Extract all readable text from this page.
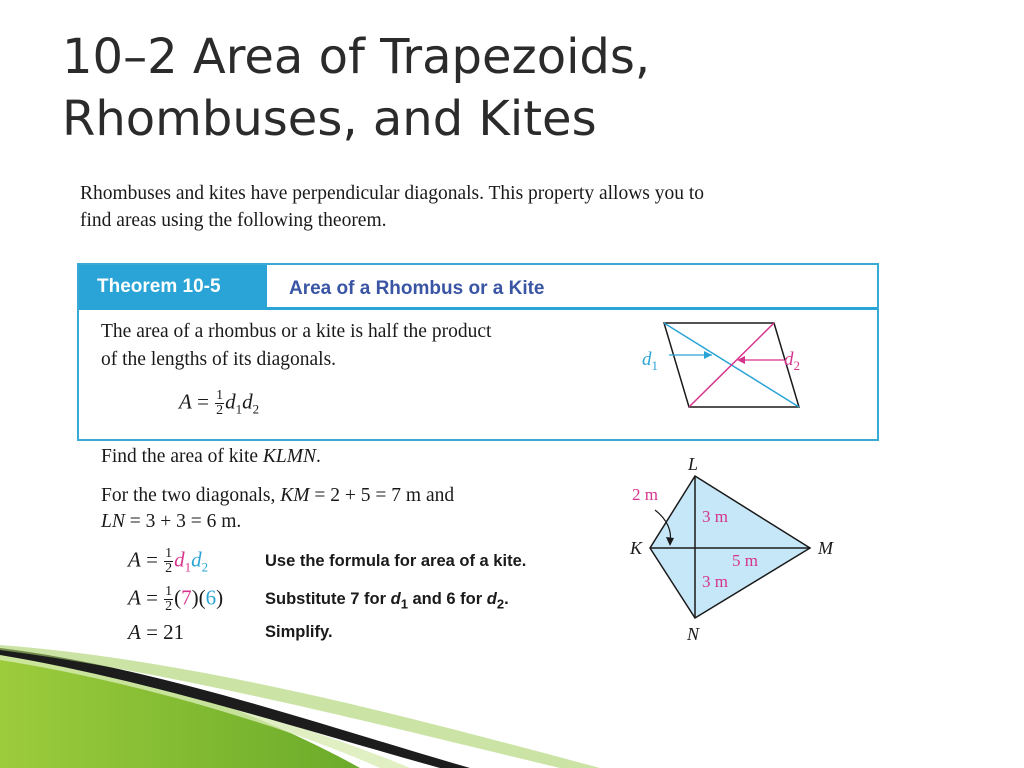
10–2 Area of Trapezoids,
Rhombuses, and Kites

Rhombuses and kites have perpendicular diagonals. This property allows you to
find areas using the following theorem.

Theorem 10-5	Area of a Rhombus or a Kite

The area of a rhombus or a kite is half the product
of the lengths of its diagonals.

$A = \frac{1}{2} d_1d_2$
$d_1$	$d_2$

Find the area of kite KLMN.

For the two diagonals, KM = 2 + 5 = 7 m and
LN = 3 + 3 = 6 m.

$A = \frac{1}{2} d_1d_2$	Use the formula for area of a kite.
$A = \frac{1}{2} (7)(6)$	Substitute 7 for $d_1$ and 6 for $d_2$.
A = 21	Simplify.
L
K	M
N
2 m
3 m
5 m
3 m
